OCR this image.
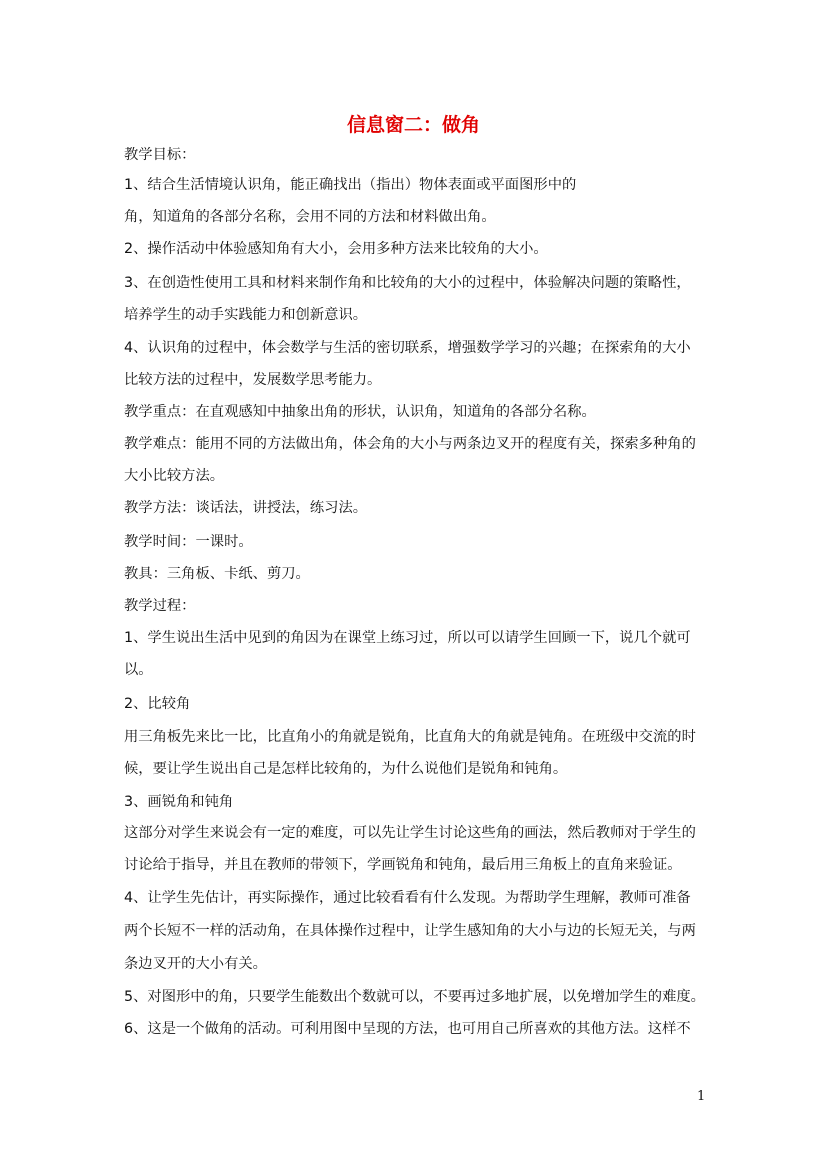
信息窗二：做角
教学目标：
1、结合生活情境认识角，能正确找出（指出）物体表面或平面图形中的
角，知道角的各部分名称，会用不同的方法和材料做出角。
2、操作活动中体验感知角有大小，会用多种方法来比较角的大小。
3、在创造性使用工具和材料来制作角和比较角的大小的过程中，体验解决问题的策略性，
培养学生的动手实践能力和创新意识。
4、认识角的过程中，体会数学与生活的密切联系，增强数学学习的兴趣；在探索角的大小
比较方法的过程中，发展数学思考能力。
教学重点：在直观感知中抽象出角的形状，认识角，知道角的各部分名称。
教学难点：能用不同的方法做出角，体会角的大小与两条边叉开的程度有关，探索多种角的
大小比较方法。
教学方法：谈话法，讲授法，练习法。
教学时间：一课时。
教具：三角板、卡纸、剪刀。
教学过程：
1、学生说出生活中见到的角因为在课堂上练习过，所以可以请学生回顾一下，说几个就可
以。
2、比较角
用三角板先来比一比，比直角小的角就是锐角，比直角大的角就是钝角。在班级中交流的时
候，要让学生说出自己是怎样比较角的，为什么说他们是锐角和钝角。
3、画锐角和钝角
这部分对学生来说会有一定的难度，可以先让学生讨论这些角的画法，然后教师对于学生的
讨论给于指导，并且在教师的带领下，学画锐角和钝角，最后用三角板上的直角来验证。
4、让学生先估计，再实际操作，通过比较看看有什么发现。为帮助学生理解，教师可准备
两个长短不一样的活动角，在具体操作过程中，让学生感知角的大小与边的长短无关，与两
条边叉开的大小有关。
5、对图形中的角，只要学生能数出个数就可以，不要再过多地扩展，以免增加学生的难度。
6、这是一个做角的活动。可利用图中呈现的方法，也可用自己所喜欢的其他方法。这样不
1
